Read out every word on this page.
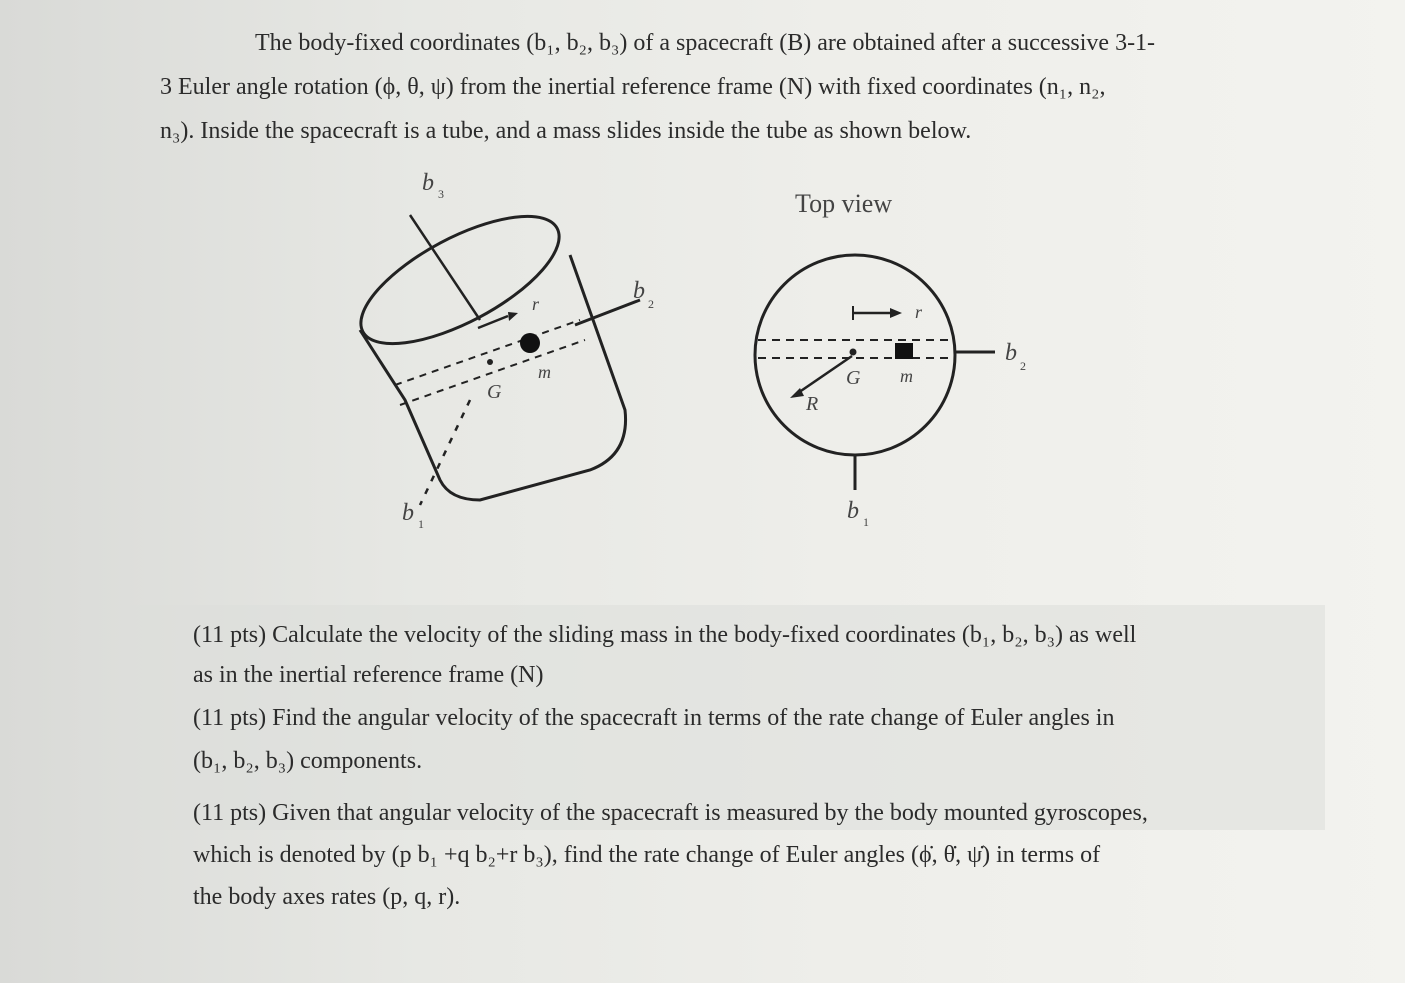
The body-fixed coordinates (b₁, b₂, b₃) of a spacecraft (B) are obtained after a successive 3-1-
3 Euler angle rotation (ϕ, θ, ψ) from the inertial reference frame (N) with fixed coordinates (n₁, n₂,
n₃). Inside the spacecraft is a tube, and a mass slides inside the tube as shown below.
b 3
b 2
b 1
r
m
G
Top view
r
m
G
R
b 2
b 1
(11 pts) Calculate the velocity of the sliding mass in the body-fixed coordinates (b₁, b₂, b₃) as well
as in the inertial reference frame (N)
(11 pts) Find the angular velocity of the spacecraft in terms of the rate change of Euler angles in
(b₁, b₂, b₃) components.
(11 pts) Given that angular velocity of the spacecraft is measured by the body mounted gyroscopes,
which is denoted by (p b₁ +q b₂+r b₃), find the rate change of Euler angles (ϕ̇, θ̇, ψ̇) in terms of
the body axes rates (p, q, r).
